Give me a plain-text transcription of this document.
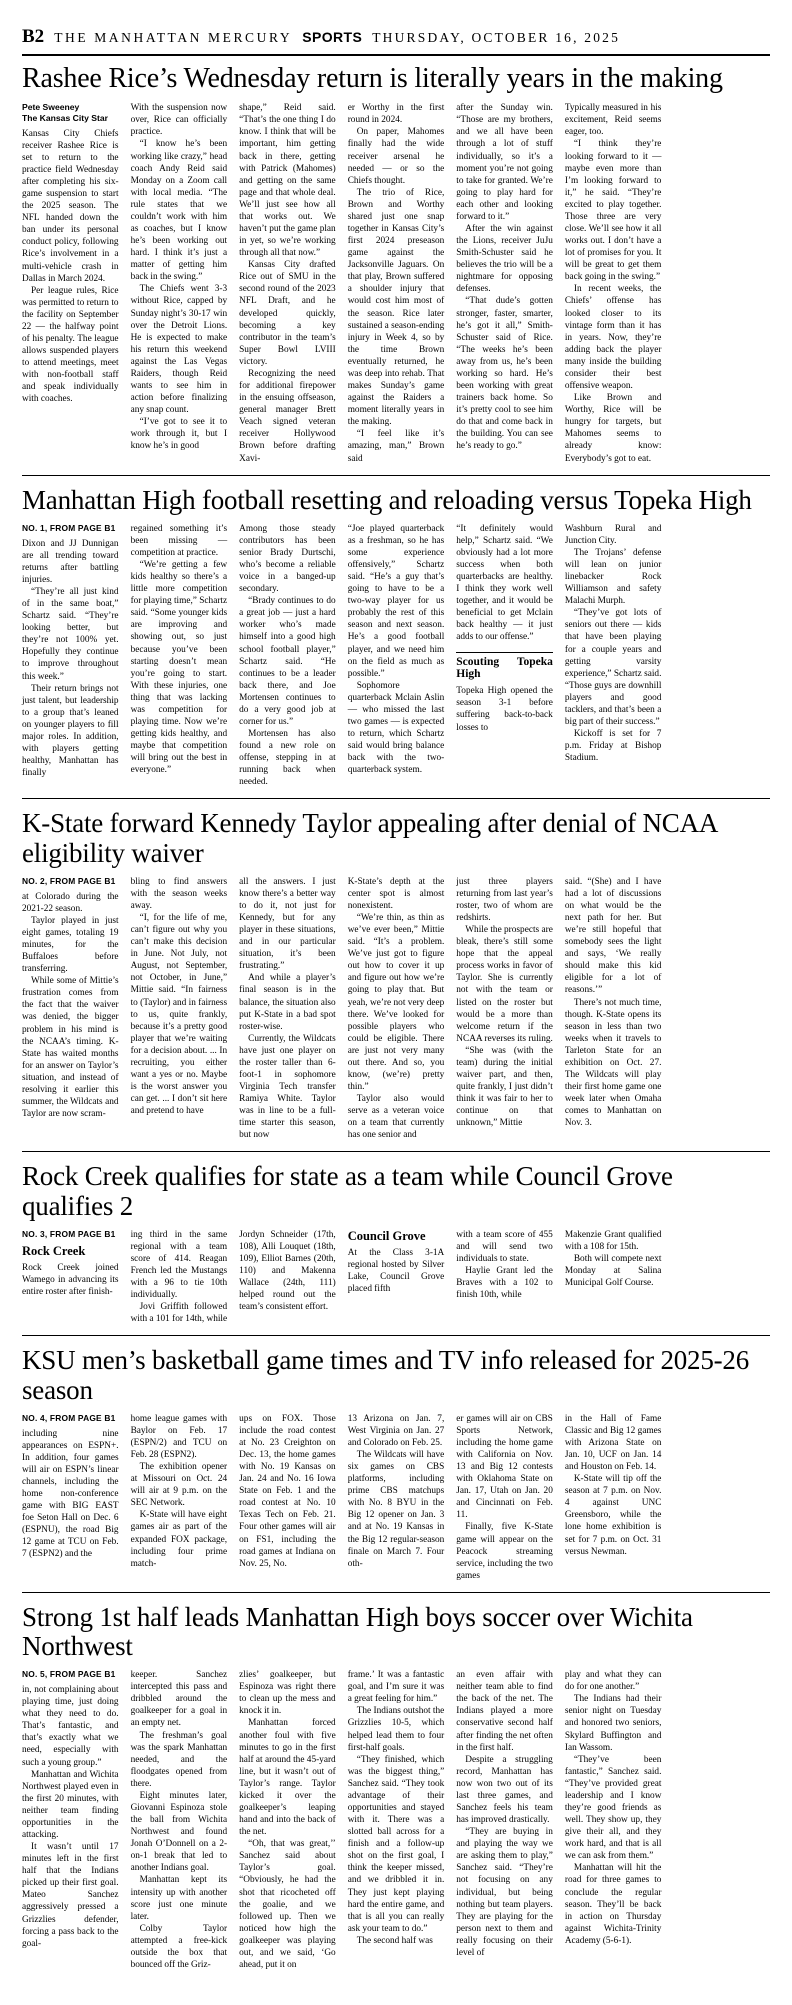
B2 THE MANHATTAN MERCURY SPORTS THURSDAY, OCTOBER 16, 2025
Rashee Rice’s Wednesday return is literally years in the making
Pete Sweeney
The Kansas City Star

Kansas City Chiefs receiver Rashee Rice is set to return to the practice field Wednesday after completing his six-game suspension to start the 2025 season. The NFL handed down the ban under its personal conduct policy, following Rice’s involvement in a multi-vehicle crash in Dallas in March 2024.

Per league rules, Rice was permitted to return to the facility on September 22 — the halfway point of his penalty. The league allows suspended players to attend meetings, meet with non-football staff and speak individually with coaches.

With the suspension now over, Rice can officially practice.

“I know he’s been working like crazy,” head coach Andy Reid said Monday on a Zoom call with local media. “The rule states that we couldn’t work with him as coaches, but I know he’s been working out hard. I think it’s just a matter of getting him back in the swing.”

The Chiefs went 3-3 without Rice, capped by Sunday night’s 30-17 win over the Detroit Lions. He is expected to make his return this weekend against the Las Vegas Raiders, though Reid wants to see him in action before finalizing any snap count.

“I’ve got to see it to work through it, but I know he’s in good

shape,” Reid said. “That’s the one thing I do know. I think that will be important, him getting back in there, getting with Patrick (Mahomes) and getting on the same page and that whole deal. We’ll just see how all that works out. We haven’t put the game plan in yet, so we’re working through all that now.”

Kansas City drafted Rice out of SMU in the second round of the 2023 NFL Draft, and he developed quickly, becoming a key contributor in the team’s Super Bowl LVIII victory.

Recognizing the need for additional firepower in the ensuing offseason, general manager Brett Veach signed veteran receiver Hollywood Brown before drafting Xavi-

er Worthy in the first round in 2024.

On paper, Mahomes finally had the wide receiver arsenal he needed — or so the Chiefs thought.

The trio of Rice, Brown and Worthy shared just one snap together in Kansas City’s first 2024 preseason game against the Jacksonville Jaguars. On that play, Brown suffered a shoulder injury that would cost him most of the season. Rice later sustained a season-ending injury in Week 4, so by the time Brown eventually returned, he was deep into rehab. That makes Sunday’s game against the Raiders a moment literally years in the making.

“I feel like it’s amazing, man,” Brown said

after the Sunday win. “Those are my brothers, and we all have been through a lot of stuff individually, so it’s a moment you’re not going to take for granted. We’re going to play hard for each other and looking forward to it.”

After the win against the Lions, receiver JuJu Smith-Schuster said he believes the trio will be a nightmare for opposing defenses.

“That dude’s gotten stronger, faster, smarter, he’s got it all,” Smith-Schuster said of Rice. “The weeks he’s been away from us, he’s been working so hard. He’s been working with great trainers back home. So it’s pretty cool to see him do that and come back in the building. You can see he’s ready to go.”

Typically measured in his excitement, Reid seems eager, too.

“I think they’re looking forward to it — maybe even more than I’m looking forward to it,” he said. “They’re excited to play together. Those three are very close. We’ll see how it all works out. I don’t have a lot of promises for you. It will be great to get them back going in the swing.”

In recent weeks, the Chiefs’ offense has looked closer to its vintage form than it has in years. Now, they’re adding back the player many inside the building consider their best offensive weapon.

Like Brown and Worthy, Rice will be hungry for targets, but Mahomes seems to already know: Everybody’s got to eat.

Manhattan High football resetting and reloading versus Topeka High
NO. 1, FROM PAGE B1

Dixon and JJ Dunnigan are all trending toward returns after battling injuries.

“They’re all just kind of in the same boat,” Schartz said. “They’re looking better, but they’re not 100% yet. Hopefully they continue to improve throughout this week.”

Their return brings not just talent, but leadership to a group that’s leaned on younger players to fill major roles. In addition, with players getting healthy, Manhattan has finally

regained something it’s been missing — competition at practice.

“We’re getting a few kids healthy so there’s a little more competition for playing time,” Schartz said. “Some younger kids are improving and showing out, so just because you’ve been starting doesn’t mean you’re going to start. With these injuries, one thing that was lacking was competition for playing time. Now we’re getting kids healthy, and maybe that competition will bring out the best in everyone.”

Among those steady contributors has been senior Brady Durtschi, who’s become a reliable voice in a banged-up secondary.

“Brady continues to do a great job — just a hard worker who’s made himself into a good high school football player,” Schartz said. “He continues to be a leader back there, and Joe Mortensen continues to do a very good job at corner for us.”

Mortensen has also found a new role on offense, stepping in at running back when needed.

“Joe played quarterback as a freshman, so he has some experience offensively,” Schartz said. “He’s a guy that’s going to have to be a two-way player for us probably the rest of this season and next season. He’s a good football player, and we need him on the field as much as possible.”

Sophomore quarterback Mclain Aslin — who missed the last two games — is expected to return, which Schartz said would bring balance back with the two-quarterback system.

“It definitely would help,” Schartz said. “We obviously had a lot more success when both quarterbacks are healthy. I think they work well together, and it would be beneficial to get Mclain back healthy — it just adds to our offense.”

Scouting Topeka High

Topeka High opened the season 3-1 before suffering back-to-back losses to

Washburn Rural and Junction City.

The Trojans’ defense will lean on junior linebacker Rock Williamson and safety Malachi Murph.

“They’ve got lots of seniors out there — kids that have been playing for a couple years and getting varsity experience,” Schartz said. “Those guys are downhill players and good tacklers, and that’s been a big part of their success.”

Kickoff is set for 7 p.m. Friday at Bishop Stadium.

K-State forward Kennedy Taylor appealing after denial of NCAA eligibility waiver
NO. 2, FROM PAGE B1

at Colorado during the 2021-22 season.

Taylor played in just eight games, totaling 19 minutes, for the Buffaloes before transferring.

While some of Mittie’s frustration comes from the fact that the waiver was denied, the bigger problem in his mind is the NCAA’s timing. K-State has waited months for an answer on Taylor’s situation, and instead of resolving it earlier this summer, the Wildcats and Taylor are now scram-

bling to find answers with the season weeks away.

“I, for the life of me, can’t figure out why you can’t make this decision in June. Not July, not August, not September, not October, in June,” Mittie said. “In fairness to (Taylor) and in fairness to us, quite frankly, because it’s a pretty good player that we’re waiting for a decision about. ... In recruiting, you either want a yes or no. Maybe is the worst answer you can get. ... I don’t sit here and pretend to have

all the answers. I just know there’s a better way to do it, not just for Kennedy, but for any player in these situations, and in our particular situation, it’s been frustrating.”

And while a player’s final season is in the balance, the situation also put K-State in a bad spot roster-wise.

Currently, the Wildcats have just one player on the roster taller than 6-foot-1 in sophomore Virginia Tech transfer Ramiya White. Taylor was in line to be a full-time starter this season, but now

K-State’s depth at the center spot is almost nonexistent.

“We’re thin, as thin as we’ve ever been,” Mittie said. “It’s a problem. We’ve just got to figure out how to cover it up and figure out how we’re going to play that. But yeah, we’re not very deep there. We’ve looked for possible players who could be eligible. There are just not very many out there. And so, you know, (we’re) pretty thin.”

Taylor also would serve as a veteran voice on a team that currently has one senior and

just three players returning from last year’s roster, two of whom are redshirts.

While the prospects are bleak, there’s still some hope that the appeal process works in favor of Taylor. She is currently not with the team or listed on the roster but would be a more than welcome return if the NCAA reverses its ruling.

“She was (with the team) during the initial waiver part, and then, quite frankly, I just didn’t think it was fair to her to continue on that unknown,” Mittie

said. “(She) and I have had a lot of discussions on what would be the next path for her. But we’re still hopeful that somebody sees the light and says, ‘We really should make this kid eligible for a lot of reasons.’”

There’s not much time, though. K-State opens its season in less than two weeks when it travels to Tarleton State for an exhibition on Oct. 27. The Wildcats will play their first home game one week later when Omaha comes to Manhattan on Nov. 3.

Rock Creek qualifies for state as a team while Council Grove qualifies 2
NO. 3, FROM PAGE B1
Rock Creek

Rock Creek joined Wamego in advancing its entire roster after finish-

ing third in the same regional with a team score of 414. Reagan French led the Mustangs with a 96 to tie 10th individually.

Jovi Griffith followed with a 101 for 14th, while

Jordyn Schneider (17th, 108), Alli Louquet (18th, 109), Elliot Barnes (20th, 110) and Makenna Wallace (24th, 111) helped round out the team’s consistent effort.

Council Grove

At the Class 3-1A regional hosted by Silver Lake, Council Grove placed fifth

with a team score of 455 and will send two individuals to state.

Haylie Grant led the Braves with a 102 to finish 10th, while

Makenzie Grant qualified with a 108 for 15th.

Both will compete next Monday at Salina Municipal Golf Course.

KSU men’s basketball game times and TV info released for 2025-26 season
NO. 4, FROM PAGE B1

including nine appearances on ESPN+. In addition, four games will air on ESPN’s linear channels, including the home non-conference game with BIG EAST foe Seton Hall on Dec. 6 (ESPNU), the road Big 12 game at TCU on Feb. 7 (ESPN2) and the

home league games with Baylor on Feb. 17 (ESPN/2) and TCU on Feb. 28 (ESPN2).

The exhibition opener at Missouri on Oct. 24 will air at 9 p.m. on the SEC Network.

K-State will have eight games air as part of the expanded FOX package, including four prime match-

ups on FOX. Those include the road contest at No. 23 Creighton on Dec. 13, the home games with No. 19 Kansas on Jan. 24 and No. 16 Iowa State on Feb. 1 and the road contest at No. 10 Texas Tech on Feb. 21. Four other games will air on FS1, including the road games at Indiana on Nov. 25, No.

13 Arizona on Jan. 7, West Virginia on Jan. 27 and Colorado on Feb. 25.

The Wildcats will have six games on CBS platforms, including prime CBS matchups with No. 8 BYU in the Big 12 opener on Jan. 3 and at No. 19 Kansas in the Big 12 regular-season finale on March 7. Four oth-

er games will air on CBS Sports Network, including the home game with California on Nov. 13 and Big 12 contests with Oklahoma State on Jan. 17, Utah on Jan. 20 and Cincinnati on Feb. 11.

Finally, five K-State game will appear on the Peacock streaming service, including the two games

in the Hall of Fame Classic and Big 12 games with Arizona State on Jan. 10, UCF on Jan. 14 and Houston on Feb. 14.

K-State will tip off the season at 7 p.m. on Nov. 4 against UNC Greensboro, while the lone home exhibition is set for 7 p.m. on Oct. 31 versus Newman.

Strong 1st half leads Manhattan High boys soccer over Wichita Northwest
NO. 5, FROM PAGE B1

in, not complaining about playing time, just doing what they need to do. That’s fantastic, and that’s exactly what we need, especially with such a young group.”

Manhattan and Wichita Northwest played even in the first 20 minutes, with neither team finding opportunities in the attacking.

It wasn’t until 17 minutes left in the first half that the Indians picked up their first goal. Mateo Sanchez aggressively pressed a Grizzlies defender, forcing a pass back to the goal-

keeper. Sanchez intercepted this pass and dribbled around the goalkeeper for a goal in an empty net.

The freshman’s goal was the spark Manhattan needed, and the floodgates opened from there.

Eight minutes later, Giovanni Espinoza stole the ball from Wichita Northwest and found Jonah O’Donnell on a 2-on-1 break that led to another Indians goal.

Manhattan kept its intensity up with another score just one minute later.

Colby Taylor attempted a free-kick outside the box that bounced off the Griz-

zlies’ goalkeeper, but Espinoza was right there to clean up the mess and knock it in.

Manhattan forced another foul with five minutes to go in the first half at around the 45-yard line, but it wasn’t out of Taylor’s range. Taylor kicked it over the goalkeeper’s leaping hand and into the back of the net.

“Oh, that was great,’’ Sanchez said about Taylor’s goal. “Obviously, he had the shot that ricocheted off the goalie, and we followed up. Then we noticed how high the goalkeeper was playing out, and we said, ‘Go ahead, put it on

frame.’ It was a fantastic goal, and I’m sure it was a great feeling for him.”

The Indians outshot the Grizzlies 10-5, which helped lead them to four first-half goals.

“They finished, which was the biggest thing,” Sanchez said. “They took advantage of their opportunities and stayed with it. There was a slotted ball across for a finish and a follow-up shot on the first goal, I think the keeper missed, and we dribbled it in. They just kept playing hard the entire game, and that is all you can really ask your team to do.”

The second half was

an even affair with neither team able to find the back of the net. The Indians played a more conservative second half after finding the net often in the first half.

Despite a struggling record, Manhattan has now won two out of its last three games, and Sanchez feels his team has improved drastically.

“They are buying in and playing the way we are asking them to play,” Sanchez said. “They’re not focusing on any individual, but being nothing but team players. They are playing for the person next to them and really focusing on their level of

play and what they can do for one another.”

The Indians had their senior night on Tuesday and honored two seniors, Skylard Buffington and Ian Wassom.

“They’ve been fantastic,” Sanchez said. “They’ve provided great leadership and I know they’re good friends as well. They show up, they give their all, and they work hard, and that is all we can ask from them.”

Manhattan will hit the road for three games to conclude the regular season. They’ll be back in action on Thursday against Wichita-Trinity Academy (5-6-1).
